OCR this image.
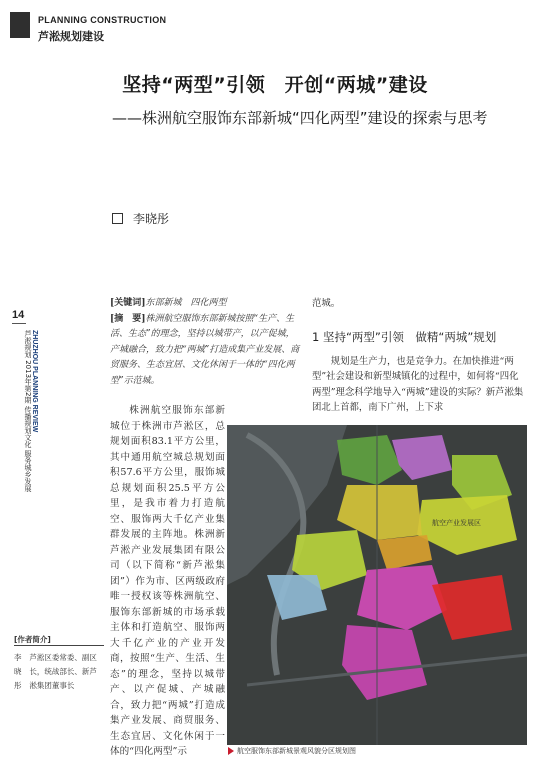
PLANNING CONSTRUCTION
芦淞规划建设
坚持“两型”引领　开创“两城”建设
——株洲航空服饰东部新城“四化两型”建设的探索与思考
李晓彤
14
芦淞规划 2013年第2期 传播规划文化 服务城乡发展 ZHUZHOU PLANNING REVIEW
[关键词]东部新城　四化两型
[摘　要]株洲航空服饰东部新城按照“生产、生活、生态”的理念，坚持以城带产，以产促城，产城融合，致力把“两城”打造成集产业发展、商贸服务、生态宜居、文化休闲于一体的“四化两型”示范城。
株洲航空服饰东部新城位于株洲市芦淞区，总规划面积83.1平方公里，其中通用航空城总规划面积57.6平方公里，服饰城总规划面积25.5平方公里，是我市着力打造航空、服饰两大千亿产业集群发展的主阵地。株洲新芦淞产业发展集团有限公司（以下简称“新芦淞集团”）作为市、区两级政府唯一授权该等株洲航空、服饰东部新城的市场承载主体和打造航空、服饰两大千亿产业的产业开发商，按照“生产、生活、生态”的理念，坚持以城带产、以产促城、产城融合，致力把“两城”打造成集产业发展、商贸服务、生态宜居、文化休闲于一体的“四化两型”示
[作者简介]
李晓彤
芦淞区委常委、副区长，统战部长、新芦淞集团董事长
范城。
1 坚持“两型”引领　做精“两城”规划
规划是生产力，也是竞争力。在加快推进“两型”社会建设和新型城镇化的过程中，如何将“四化两型”理念科学地导入“两城”建设的实际？新芦淞集团北上首都，南下广州，上下求
航空产业发展区
航空服饰东部新城景观风貌分区规划图
